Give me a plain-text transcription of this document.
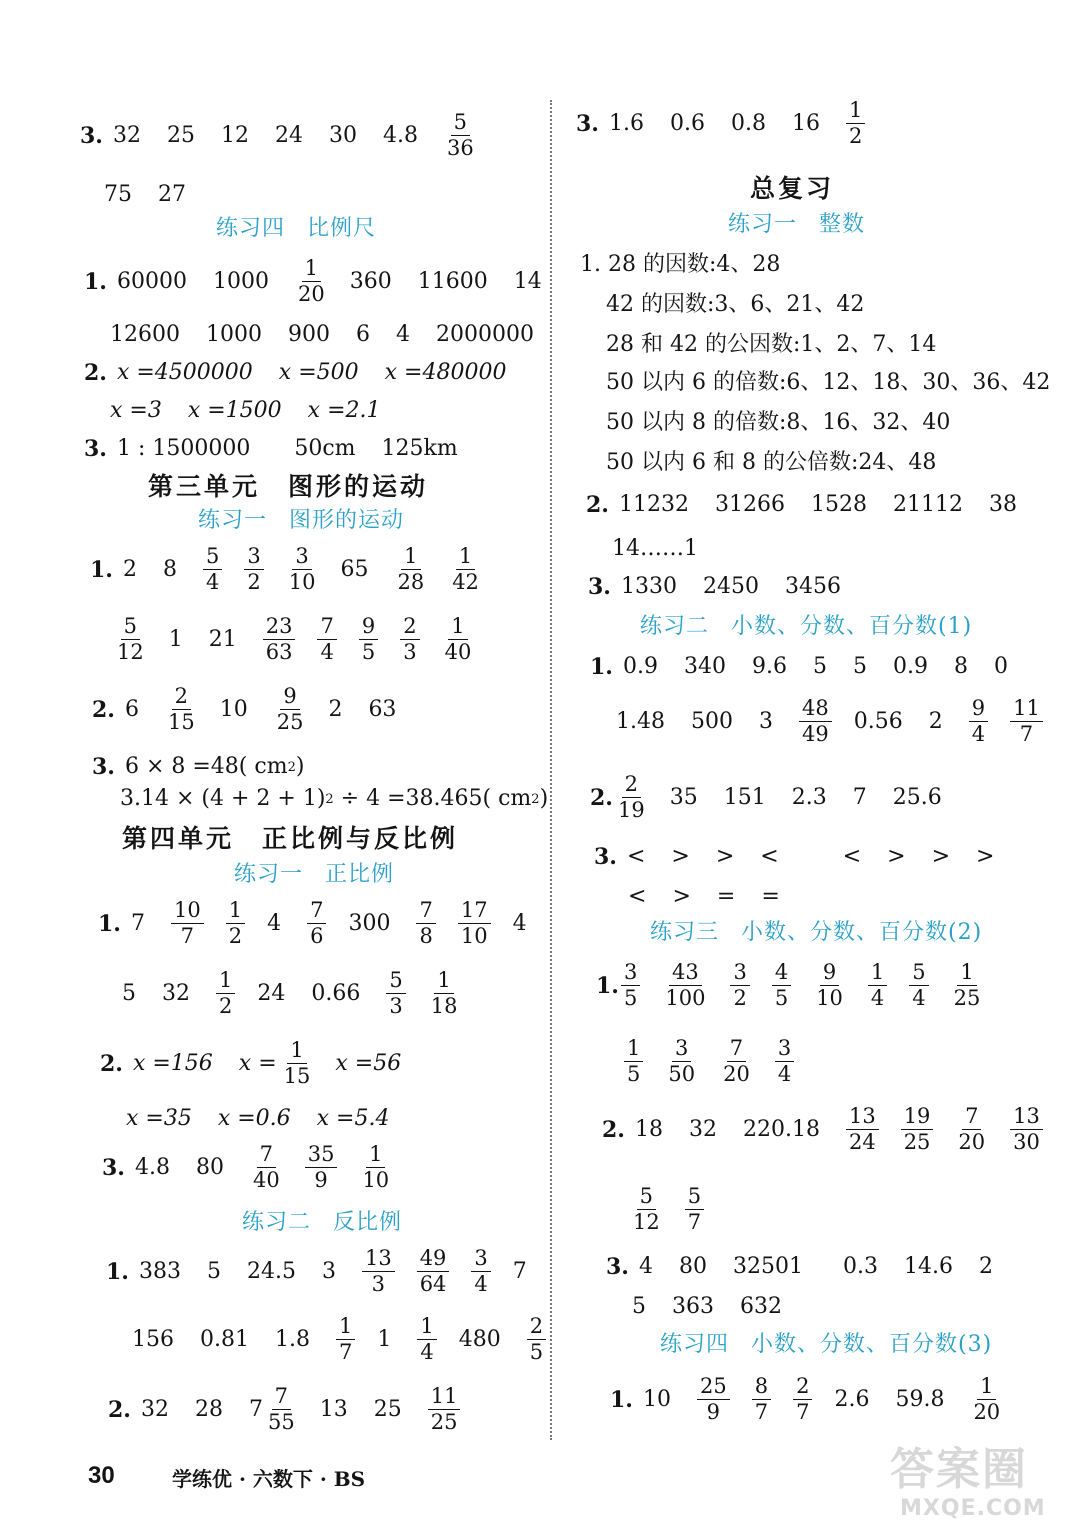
3. 32 25 12 24 30 $4.8 \frac{5}{36}$
75 27
练习四 比例尺
1. 60000 $1000 \frac{1}{20} 360$ 11600 14
12600 1000 900 6 4 2000000
2. x =4500000 x =500 x =480000
x =3 x =1500 x =2.1
3. 1 : 1500000 50cm 125km
第三单元 图形的运动
练习一 图形的运动
1. 2 $8 \frac{5}{4} \frac{3}{2} \frac{3}{10} 65 \frac{1}{28} \frac{1}{42}$
$\frac{5}{12} 1$ $21 \frac{23}{63} \frac{7}{4} \frac{9}{5} \frac{2}{3} \frac{1}{40}$
2. $6 \frac{2}{15} 10 \frac{9}{25} 2$ 63
3. 6 × 8 =48( cm 2 )
3.14 × (4 + 2 + 1) 2 ÷ 4 =38.465( cm 2 )
第四单元 正比例与反比例
练习一 正比例
1. $7 \frac{10}{7} \frac{1}{2} 4 \frac{7}{6} 300 \frac{7}{8} \frac{17}{10} 4$
5 $32 \frac{1}{2} 24$ $0.66 \frac{5}{3} \frac{1}{18}$
2. x =156 $x = \frac{1}{15}$ x =56
x =35 x =0.6 x =5.4
3. 4.8 $80 \frac{7}{40} \frac{35}{9} \frac{1}{10}$
练习二 反比例
1. 383 5 24.5 $3 \frac{13}{3} \frac{49}{64} \frac{3}{4} 7$
156 0.81 $1.8 \frac{1}{7} 1 \frac{1}{4} 480 \frac{2}{5}$
2. 32 28 $7 \frac{7}{55} 13$ $25 \frac{11}{25}$
3. 1.6 0.6 0.8 $16 \frac{1}{2}$
总复习
练习一 整数
1. 28 的因数:4、28
42 的因数:3、6、21、42
28 和 42 的公因数:1、2、7、14
50 以内 6 的倍数:6、12、18、30、36、42
50 以内 8 的倍数:8、16、32、40
50 以内 6 和 8 的公倍数:24、48
2. 11232 31266 1528 21112 38
14……1
3. 1330 2450 3456
练习二 小数、分数、百分数(1)
1. 0.9 340 9.6 5 5 0.9 8 0
1.48 500 $3 \frac{48}{49} 0.56$ $2 \frac{9}{4} \frac{11}{7}$
2. $\frac{2}{19} 35$ 151 2.3 7 25.6
3. < > > <	< > > >
< > = =
练习三 小数、分数、百分数(2)
1. $\frac{3}{5} \frac{43}{100} \frac{3}{2} \frac{4}{5} \frac{9}{10} \frac{1}{4} \frac{5}{4} \frac{1}{25}$
$\frac{1}{5} \frac{3}{50} \frac{7}{20} \frac{3}{4}$
2. 18 32 $220.18 \frac{13}{24} \frac{19}{25} \frac{7}{20} \frac{13}{30}$
$\frac{5}{12} \frac{5}{7}$
3. 4 80 32501 0.3 14.6 2
5 363 632
练习四 小数、分数、百分数(3)
1. $10 \frac{25}{9} \frac{8}{7} \frac{2}{7} 2.6$ $59.8 \frac{1}{20}$
30	学练优 · 六数下 · BS	答案圈
MXQE.COM
